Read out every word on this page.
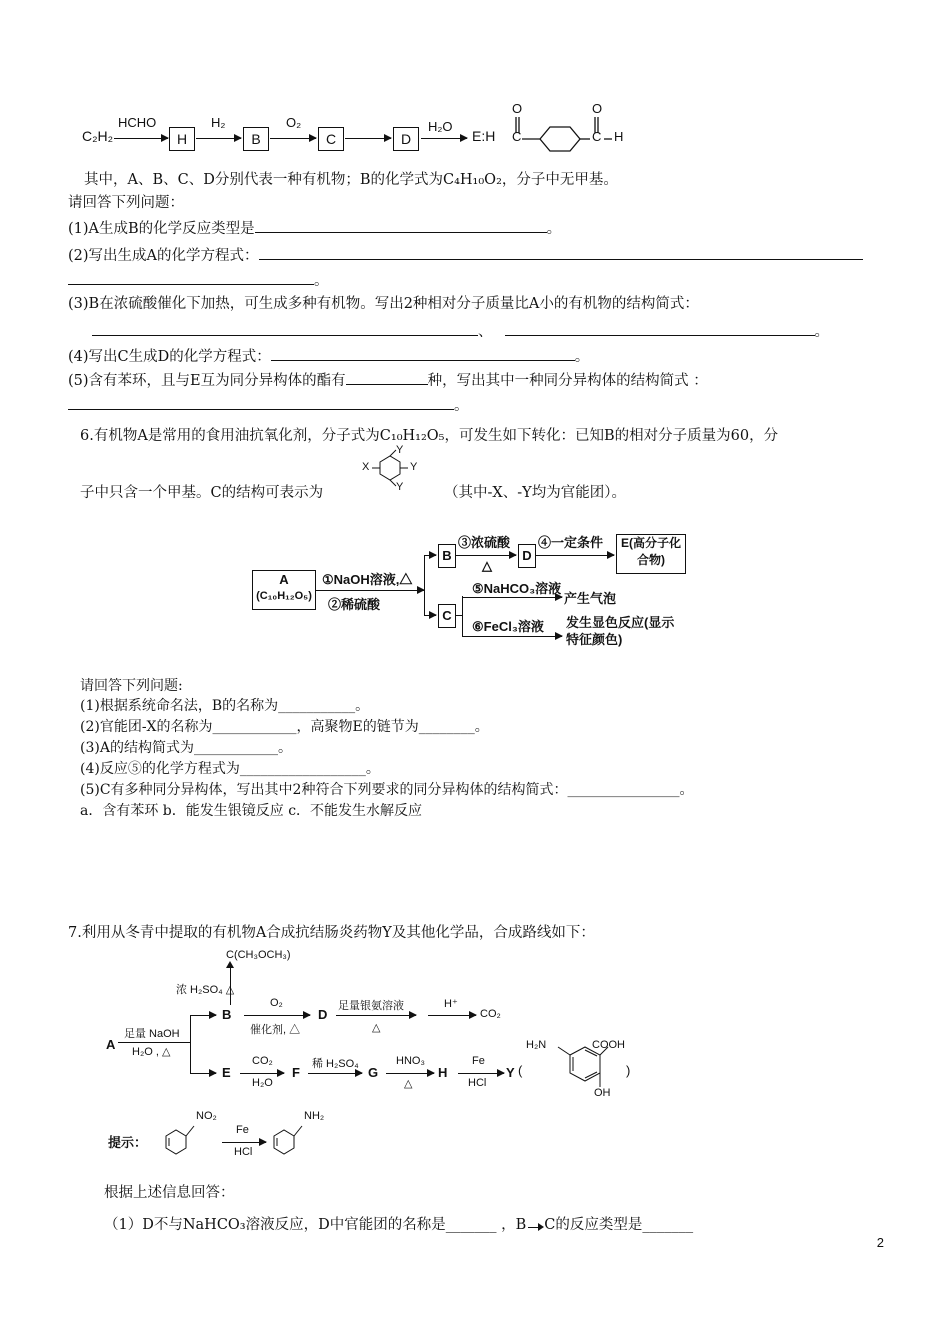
C₂H₂
HCHO
H
H₂
B
O₂
C	D
H₂O
E:H C
O
C
O
H
其中，A、B、C、D分别代表一种有机物；B的化学式为C₄H₁₀O₂，分子中无甲基。
请回答下列问题：
(1)A生成B的化学反应类型是	。
(2)写出生成A的化学方程式：
。
(3)B在浓硫酸催化下加热，可生成多种有机物。写出2种相对分子质量比A小的有机物的结构简式：
、	。
(4)写出C生成D的化学方程式：	。
(5)含有苯环，且与E互为同分异构体的酯有	种，写出其中一种同分异构体的结构简式 ：
。
6.有机物A是常用的食用油抗氧化剂，分子式为C₁₀H₁₂O₅，可发生如下转化：已知B的相对分子质量为60，分
子中只含一个甲基。C的结构可表示为
X
Y
Y
Y	（其中-X、-Y均为官能团）。
A
(C₁₀H₁₂O₅)
①NaOH溶液,△
②稀硫酸
B
③浓硫酸
△
D
④一定条件	E(高分子化合物)
C
⑤NaHCO₃溶液
产生气泡
⑥FeCl₃溶液 发生显色反应(显示特征颜色)
请回答下列问题:
(1)根据系统命名法，B的名称为___________。
(2)官能团-X的名称为____________，高聚物E的链节为________。
(3)A的结构简式为____________。
(4)反应⑤的化学方程式为__________________。
(5)C有多种同分异构体，写出其中2种符合下列要求的同分异构体的结构简式：________________。
a．含有苯环 b．能发生银镜反应 c．不能发生水解反应
7.利用从冬青中提取的有机物A合成抗结肠炎药物Y及其他化学品，合成路线如下：
C(CH₃OCH₃)
浓 H₂SO₄ △
A
足量 NaOH
H₂O , △
B
O₂
催化剂, △
D
足量银氨溶液
△
H⁺
CO₂
E
CO₂
H₂O
F
稀 H₂SO₄
G
HNO₃
△
H
Fe
HCl
Y (
H₂N	COOH
OH
)
提示：
NO₂
Fe
HCl
NH₂
根据上述信息回答：
（1）D不与NaHCO₃溶液反应，D中官能团的名称是_______ ，B C的反应类型是_______
2
